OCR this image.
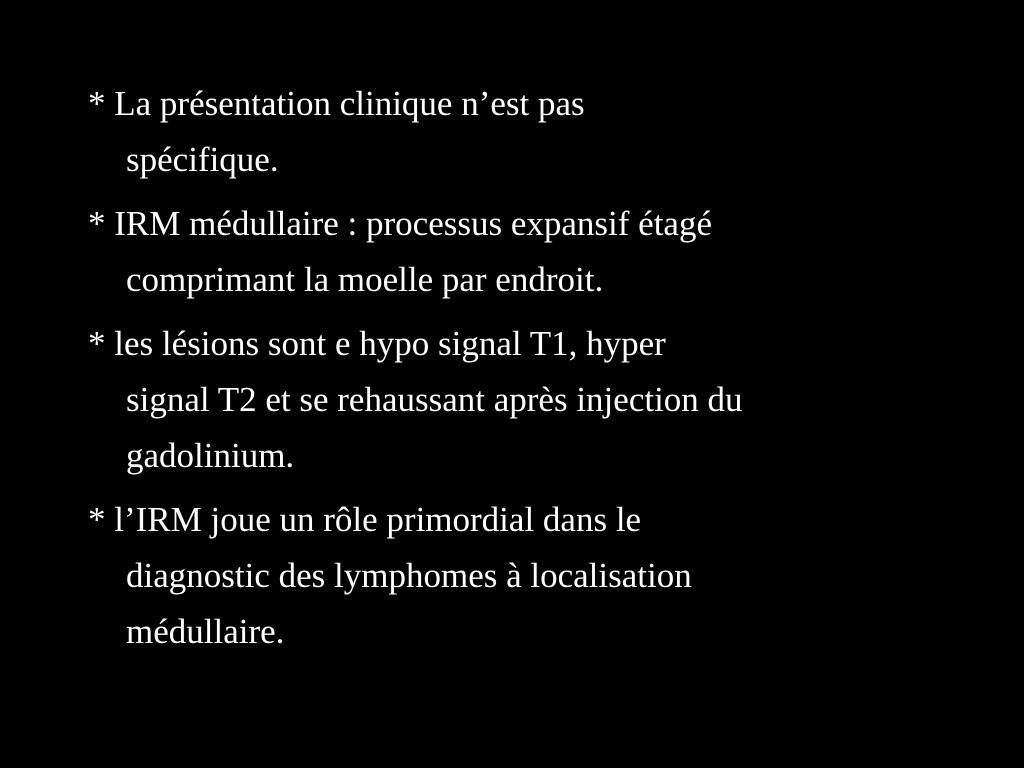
* La présentation clinique n’est pas
spécifique.

* IRM médullaire : processus expansif étagé
comprimant la moelle par endroit.

* les lésions sont e hypo signal T1, hyper
signal T2 et se rehaussant après injection du
gadolinium.

* l’IRM joue un rôle primordial dans le
diagnostic des lymphomes à localisation
médullaire.
